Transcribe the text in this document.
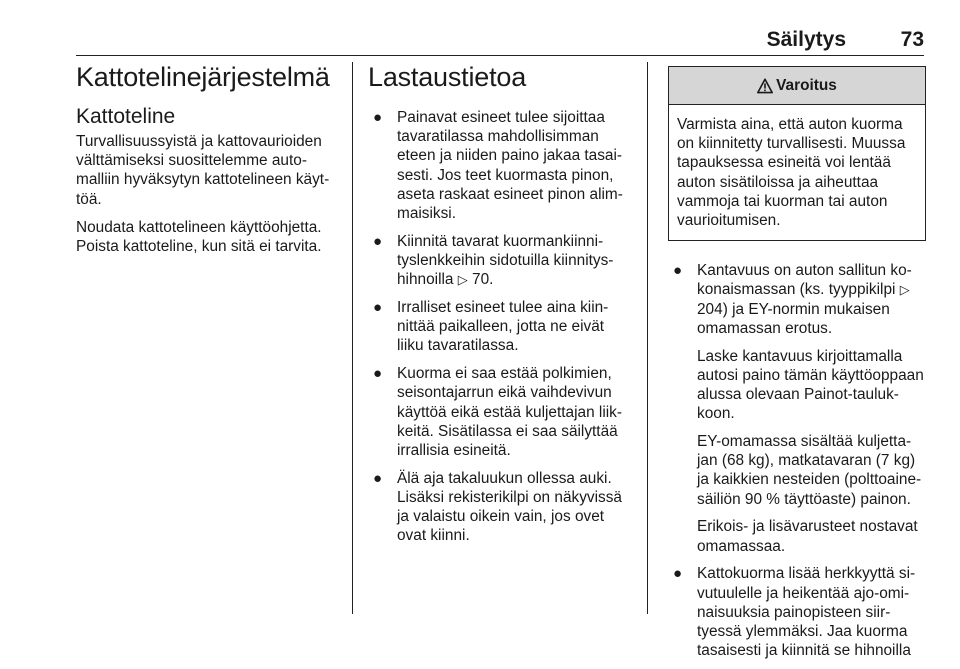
Säilytys	73
Kattotelinejärjestelmä
Kattoteline

Turvallisuussyistä ja kattovaurioiden välttämiseksi suosittelemme auto- malliin hyväksytyn kattotelineen käyt- töä.

Noudata kattotelineen käyttöohjetta. Poista kattoteline, kun sitä ei tarvita.

Lastaustietoa
● Painavat esineet tulee sijoittaa tavaratilassa mahdollisimman eteen ja niiden paino jakaa tasai- sesti. Jos teet kuormasta pinon, aseta raskaat esineet pinon alim- maisiksi.
● Kiinnitä tavarat kuormankiinni- tyslenkkeihin sidotuilla kiinnitys- hihnoilla ▷ 70.
● Irralliset esineet tulee aina kiin- nittää paikalleen, jotta ne eivät liiku tavaratilassa.
● Kuorma ei saa estää polkimien, seisontajarrun eikä vaihdevivun käyttöä eikä estää kuljettajan liik- keitä. Sisätilassa ei saa säilyttää irrallisia esineitä.
● Älä aja takaluukun ollessa auki. Lisäksi rekisterikilpi on näkyvissä ja valaistu oikein vain, jos ovet ovat kiinni.
Varoitus
Varmista aina, että auton kuorma on kiinnitetty turvallisesti. Muussa tapauksessa esineitä voi lentää auton sisätiloissa ja aiheuttaa vammoja tai kuorman tai auton vaurioitumisen.
● Kantavuus on auton sallitun ko- konaismassan (ks. tyyppikilpi ▷ 204) ja EY-normin mukaisen omamassan erotus.

Laske kantavuus kirjoittamalla autosi paino tämän käyttöoppaan alussa olevaan Painot-tauluk- koon.

EY-omamassa sisältää kuljetta- jan (68 kg), matkatavaran (7 kg) ja kaikkien nesteiden (polttoaine- säiliön 90 % täyttöaste) painon.

Erikois- ja lisävarusteet nostavat omamassaa.

● Kattokuorma lisää herkkyyttä si- vutuulelle ja heikentää ajo-omi- naisuuksia painopisteen siir- tyessä ylemmäksi. Jaa kuorma tasaisesti ja kiinnitä se hihnoilla
